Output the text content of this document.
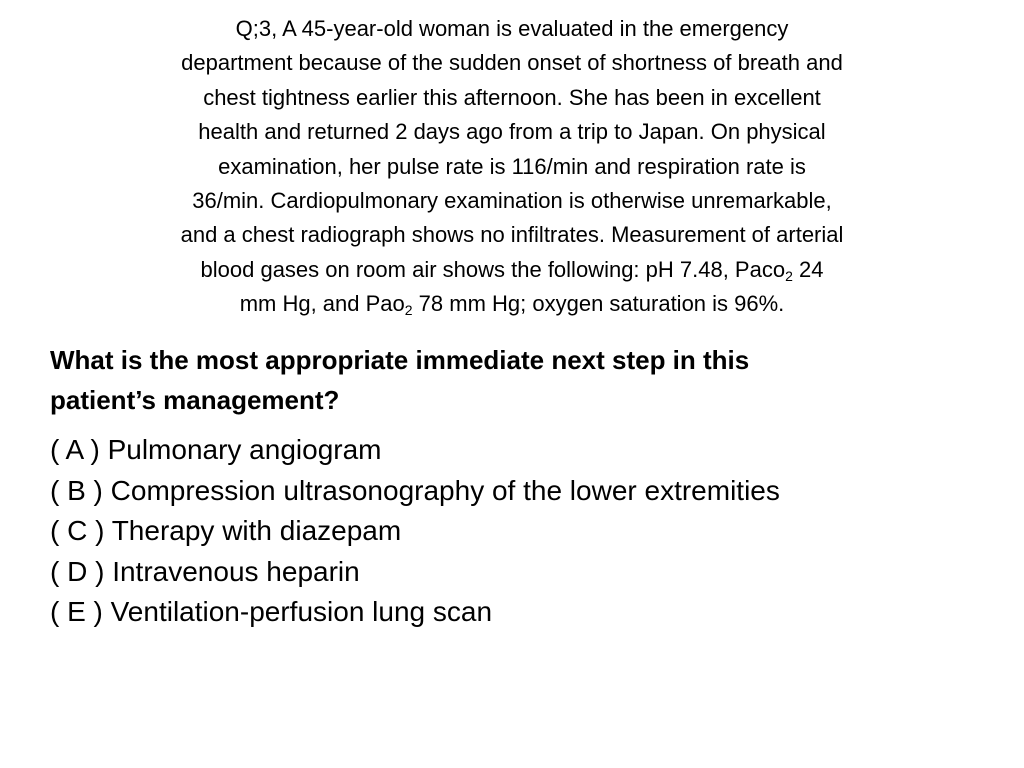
Q;3, A 45-year-old woman is evaluated in the emergency
department because of the sudden onset of shortness of breath and
chest tightness earlier this afternoon. She has been in excellent
health and returned 2 days ago from a trip to Japan. On physical
examination, her pulse rate is 116/min and respiration rate is
36/min. Cardiopulmonary examination is otherwise unremarkable,
and a chest radiograph shows no infiltrates. Measurement of arterial
blood gases on room air shows the following: pH 7.48, Paco$_2$ 24
mm Hg, and Pao$_2$ 78 mm Hg; oxygen saturation is 96%.
What is the most appropriate immediate next step in this
patient’s management?
( A ) Pulmonary angiogram
( B ) Compression ultrasonography of the lower extremities
( C ) Therapy with diazepam
( D ) Intravenous heparin
( E ) Ventilation-perfusion lung scan
